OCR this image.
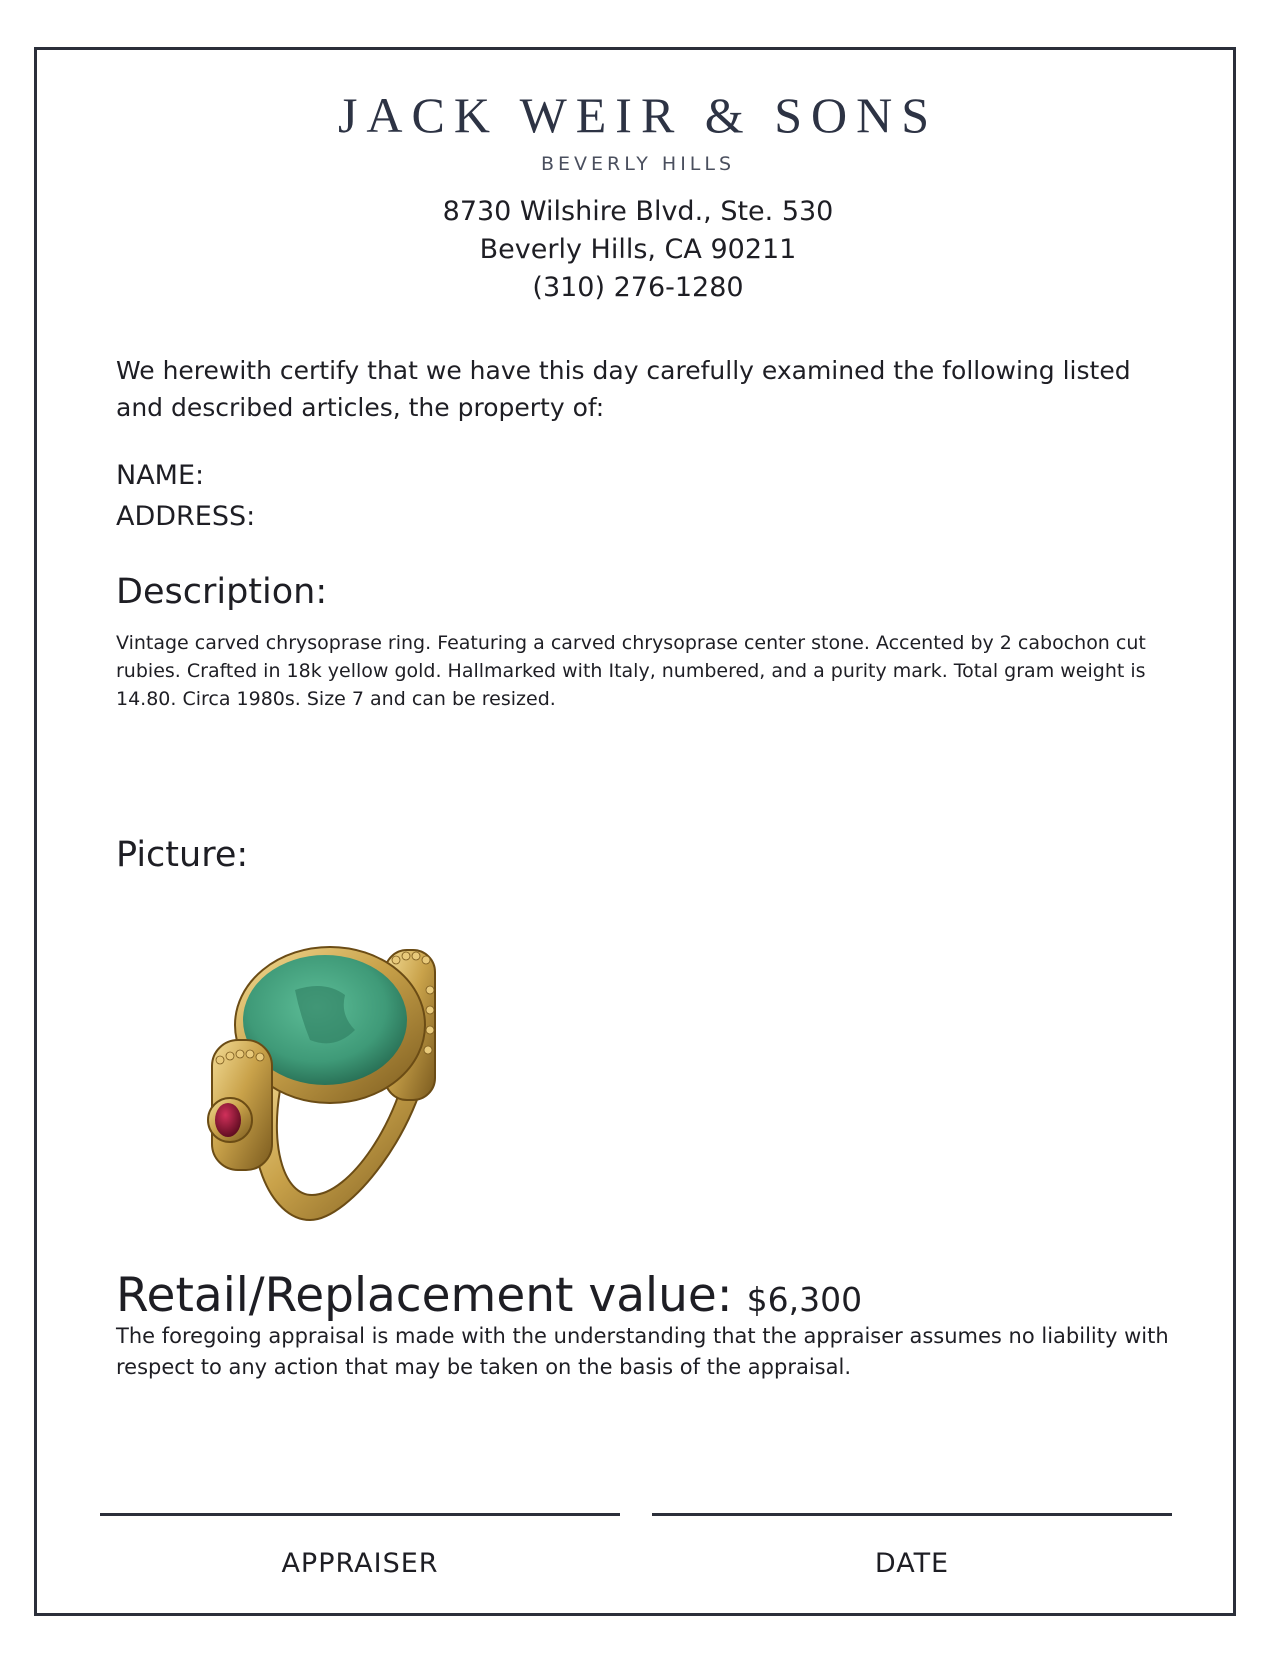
JACK WEIR & SONS
BEVERLY HILLS
8730 Wilshire Blvd., Ste. 530
Beverly Hills, CA 90211
(310) 276-1280
We herewith certify that we have this day carefully examined the following listed and described articles, the property of:
NAME:
ADDRESS:
Description:
Vintage carved chrysoprase ring. Featuring a carved chrysoprase center stone. Accented by 2 cabochon cut rubies. Crafted in 18k yellow gold. Hallmarked with Italy, numbered, and a purity mark. Total gram weight is 14.80. Circa 1980s. Size 7 and can be resized.
Picture:
Retail/Replacement value: $6,300
The foregoing appraisal is made with the understanding that the appraiser assumes no liability with respect to any action that may be taken on the basis of the appraisal.
APPRAISER	DATE
